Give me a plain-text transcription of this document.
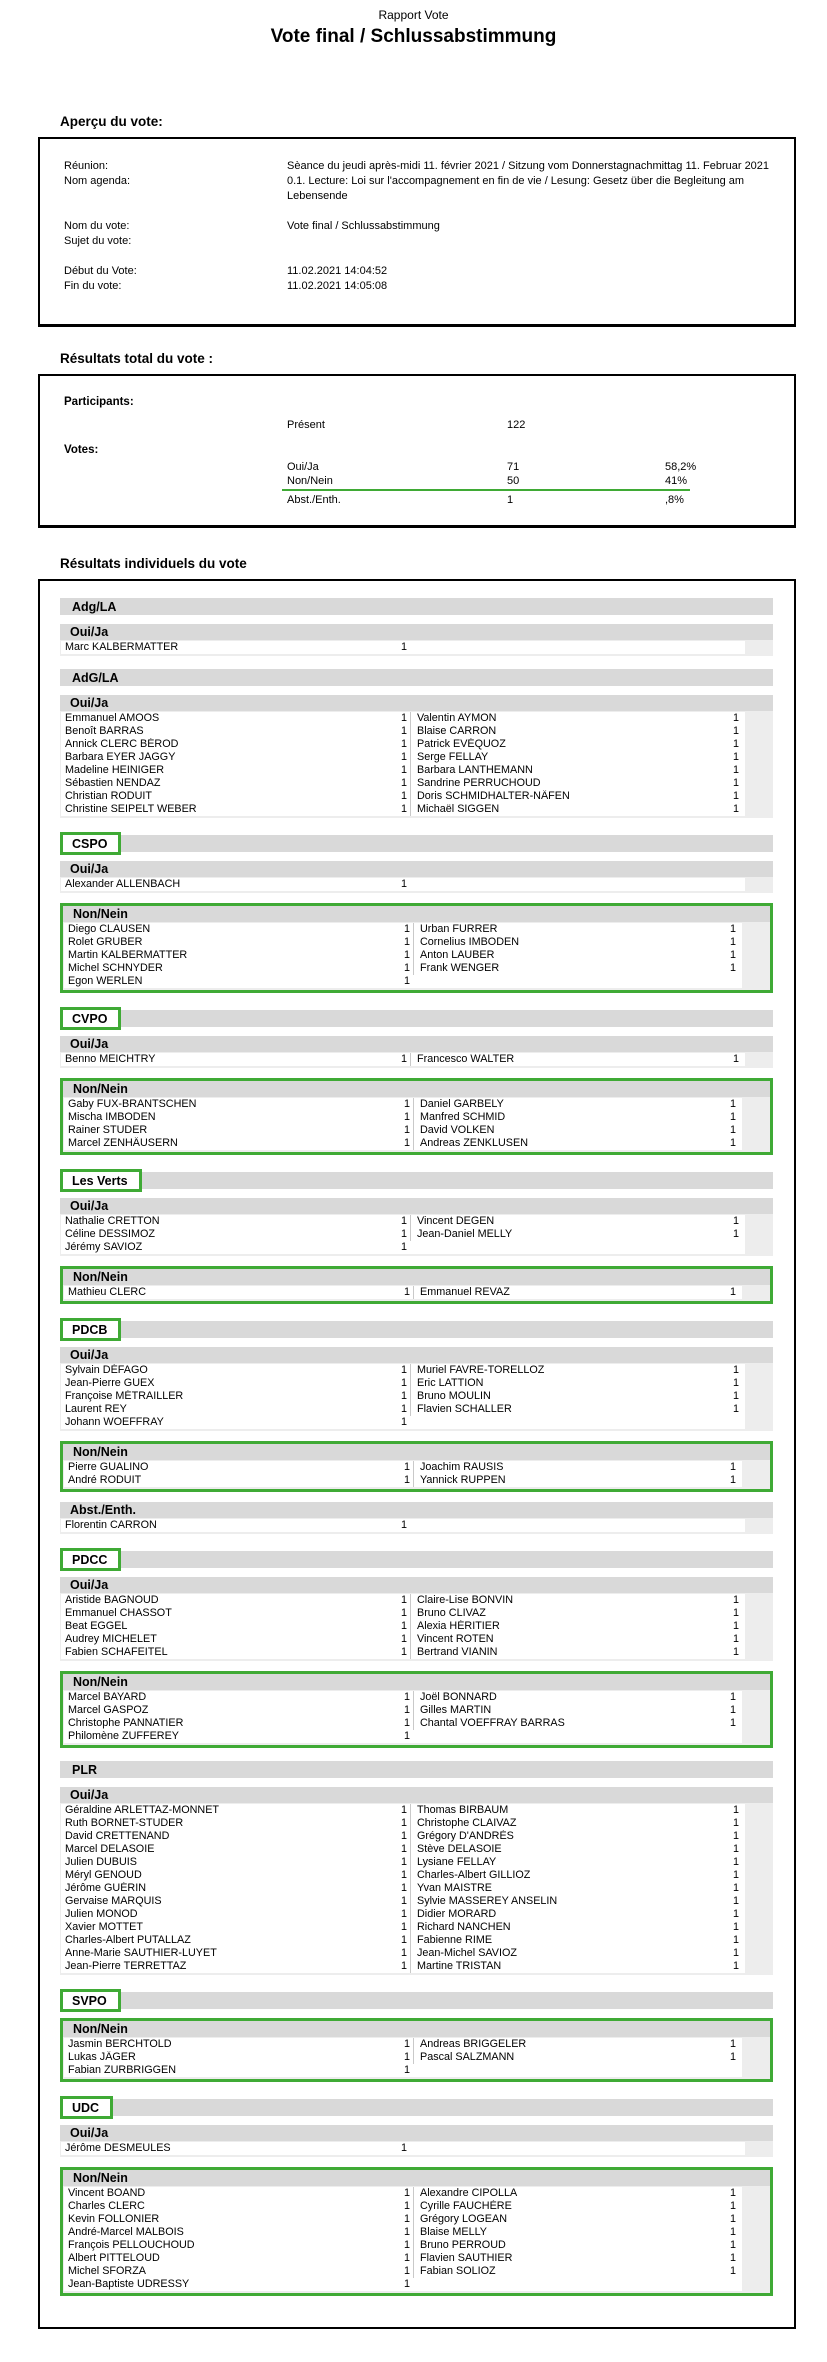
Rapport Vote
Vote final / Schlussabstimmung
Aperçu du vote:
Réunion:	Sèance du jeudi après-midi 11. février 2021 / Sitzung vom Donnerstagnachmittag 11. Februar 2021
Nom agenda:	0.1. Lecture: Loi sur l'accompagnement en fin de vie / Lesung: Gesetz über die Begleitung am Lebensende
Nom du vote:	Vote final / Schlussabstimmung
Sujet du vote:
Début du Vote:	11.02.2021 14:04:52
Fin du vote:	11.02.2021 14:05:08
Résultats total du vote :
Participants:
Présent	122
Votes:
Oui/Ja	71	58,2%
Non/Nein	50	41%
Abst./Enth.	1	,8%
Résultats individuels du vote
Adg/LA
Oui/Ja
Marc KALBERMATTER	1
AdG/LA
Oui/Ja
Emmanuel AMOOS	1 Valentin AYMON	1
Benoît BARRAS	1 Blaise CARRON	1
Annick CLERC BÉROD	1 Patrick EVÉQUOZ	1
Barbara EYER JAGGY	1 Serge FELLAY	1
Madeline HEINIGER	1 Barbara LANTHEMANN	1
Sébastien NENDAZ	1 Sandrine PERRUCHOUD	1
Christian RODUIT	1 Doris SCHMIDHALTER-NÄFEN	1
Christine SEIPELT WEBER	1 Michaël SIGGEN	1
CSPO
Oui/Ja
Alexander ALLENBACH	1
Non/Nein
Diego CLAUSEN	1 Urban FURRER	1
Rolet GRUBER	1 Cornelius IMBODEN	1
Martin KALBERMATTER	1 Anton LAUBER	1
Michel SCHNYDER	1 Frank WENGER	1
Egon WERLEN	1
CVPO
Oui/Ja
Benno MEICHTRY	1 Francesco WALTER	1
Non/Nein
Gaby FUX-BRANTSCHEN	1 Daniel GARBELY	1
Mischa IMBODEN	1 Manfred SCHMID	1
Rainer STUDER	1 David VOLKEN	1
Marcel ZENHÄUSERN	1 Andreas ZENKLUSEN	1
Les Verts
Oui/Ja
Nathalie CRETTON	1 Vincent DEGEN	1
Céline DESSIMOZ	1 Jean-Daniel MELLY	1
Jérémy SAVIOZ	1
Non/Nein
Mathieu CLERC	1 Emmanuel REVAZ	1
PDCB
Oui/Ja
Sylvain DÉFAGO	1 Muriel FAVRE-TORELLOZ	1
Jean-Pierre GUEX	1 Eric LATTION	1
Françoise MÉTRAILLER	1 Bruno MOULIN	1
Laurent REY	1 Flavien SCHALLER	1
Johann WOEFFRAY	1
Non/Nein
Pierre GUALINO	1 Joachim RAUSIS	1
André RODUIT	1 Yannick RUPPEN	1
Abst./Enth.
Florentin CARRON	1
PDCC
Oui/Ja
Aristide BAGNOUD	1 Claire-Lise BONVIN	1
Emmanuel CHASSOT	1 Bruno CLIVAZ	1
Beat EGGEL	1 Alexia HÉRITIER	1
Audrey MICHELET	1 Vincent ROTEN	1
Fabien SCHAFEITEL	1 Bertrand VIANIN	1
Non/Nein
Marcel BAYARD	1 Joël BONNARD	1
Marcel GASPOZ	1 Gilles MARTIN	1
Christophe PANNATIER	1 Chantal VOEFFRAY BARRAS	1
Philomène ZUFFEREY	1
PLR
Oui/Ja
Géraldine ARLETTAZ-MONNET	1 Thomas BIRBAUM	1
Ruth BORNET-STUDER	1 Christophe CLAIVAZ	1
David CRETTENAND	1 Grégory D'ANDRÈS	1
Marcel DELASOIE	1 Stève DELASOIE	1
Julien DUBUIS	1 Lysiane FELLAY	1
Méryl GENOUD	1 Charles-Albert GILLIOZ	1
Jérôme GUÉRIN	1 Yvan MAISTRE	1
Gervaise MARQUIS	1 Sylvie MASSEREY ANSELIN	1
Julien MONOD	1 Didier MORARD	1
Xavier MOTTET	1 Richard NANCHEN	1
Charles-Albert PUTALLAZ	1 Fabienne RIME	1
Anne-Marie SAUTHIER-LUYET	1 Jean-Michel SAVIOZ	1
Jean-Pierre TERRETTAZ	1 Martine TRISTAN	1
SVPO
Non/Nein
Jasmin BERCHTOLD	1 Andreas BRIGGELER	1
Lukas JÄGER	1 Pascal SALZMANN	1
Fabian ZURBRIGGEN	1
UDC
Oui/Ja
Jérôme DESMEULES	1
Non/Nein
Vincent BOAND	1 Alexandre CIPOLLA	1
Charles CLERC	1 Cyrille FAUCHÈRE	1
Kevin FOLLONIER	1 Grégory LOGEAN	1
André-Marcel MALBOIS	1 Blaise MELLY	1
François PELLOUCHOUD	1 Bruno PERROUD	1
Albert PITTELOUD	1 Flavien SAUTHIER	1
Michel SFORZA	1 Fabian SOLIOZ	1
Jean-Baptiste UDRESSY	1
